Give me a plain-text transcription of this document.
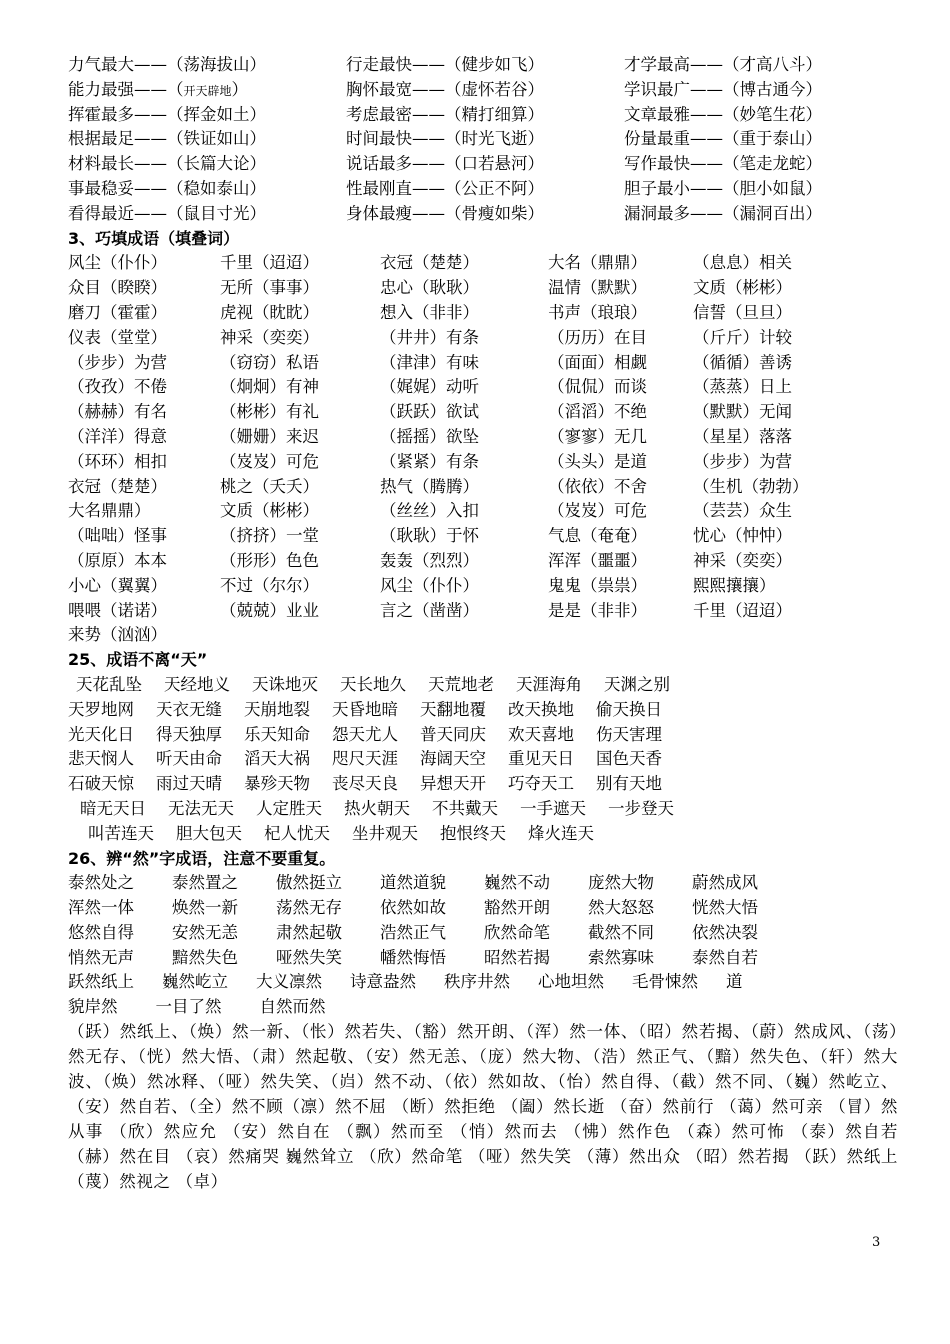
力气最大——（荡海拔山）	行走最快——（健步如飞）	才学最高——（才高八斗）
能力最强——（开天辟地）	胸怀最宽——（虚怀若谷）	学识最广——（博古通今）
挥霍最多——（挥金如土）	考虑最密——（精打细算）	文章最雅——（妙笔生花）
根据最足——（铁证如山）	时间最快——（时光飞逝）	份量最重——（重于泰山）
材料最长——（长篇大论）	说话最多——（口若悬河）	写作最快——（笔走龙蛇）
事最稳妥——（稳如泰山）	性最刚直——（公正不阿）	胆子最小——（胆小如鼠）
看得最近——（鼠目寸光）	身体最瘦——（骨瘦如柴）	漏洞最多——（漏洞百出）
3、巧填成语（填叠词）
风尘（仆仆）	千里（迢迢）	衣冠（楚楚）	大名（鼎鼎）	（息息）相关
众目（睽睽）	无所（事事）	忠心（耿耿）	温情（默默）	文质（彬彬）
磨刀（霍霍）	虎视（眈眈）	想入（非非）	书声（琅琅）	信誓（旦旦）
仪表（堂堂）	神采（奕奕）	（井井）有条	（历历）在目	（斤斤）计较
（步步）为营	（窃窃）私语	（津津）有味	（面面）相觑	（循循）善诱
（孜孜）不倦	（炯炯）有神	（娓娓）动听	（侃侃）而谈	（蒸蒸）日上
（赫赫）有名	（彬彬）有礼	（跃跃）欲试	（滔滔）不绝	（默默）无闻
（洋洋）得意	（姗姗）来迟	（摇摇）欲坠	（寥寥）无几	（星星）落落
（环环）相扣	（岌岌）可危	（紧紧）有条	（头头）是道	（步步）为营
衣冠（楚楚）	桃之（夭夭）	热气（腾腾）	（依依）不舍	（生机（勃勃）
大名鼎鼎）	文质（彬彬）	（丝丝）入扣	（岌岌）可危	（芸芸）众生
（咄咄）怪事	（挤挤）一堂	（耿耿）于怀	气息（奄奄）	忧心（忡忡）
（原原）本本	（形形）色色	轰轰（烈烈）	浑浑（噩噩）	神采（奕奕）
小心（翼翼）	不过（尔尔）	风尘（仆仆）	鬼鬼（祟祟）	熙熙攘攘）
喂喂（诺诺）	（兢兢）业业	言之（凿凿）	是是（非非）	千里（迢迢）
来势（汹汹）
25、成语不离“天”
天花乱坠 天经地义 天诛地灭 天长地久 天荒地老 天涯海角 天渊之别
天罗地网 天衣无缝 天崩地裂 天昏地暗 天翻地覆 改天换地 偷天换日
光天化日 得天独厚 乐天知命 怨天尤人 普天同庆 欢天喜地 伤天害理
悲天悯人 听天由命 滔天大祸 咫尺天涯 海阔天空 重见天日 国色天香
石破天惊 雨过天晴 暴殄天物 丧尽天良 异想天开 巧夺天工 别有天地
暗无天日 无法无天 人定胜天 热火朝天 不共戴天 一手遮天 一步登天
叫苦连天 胆大包天 杞人忧天 坐井观天 抱恨终天 烽火连天
26、辨“然”字成语，注意不要重复。
泰然处之 泰然置之 傲然挺立 道然道貌 巍然不动 庞然大物 蔚然成风
浑然一体 焕然一新 荡然无存 依然如故 豁然开朗 然大怒怒 恍然大悟
悠然自得 安然无恙 肃然起敬 浩然正气 欣然命笔 截然不同 依然决裂
悄然无声 黯然失色 哑然失笑 幡然悔悟 昭然若揭 索然寡味 泰然自若
跃然纸上 巍然屹立 大义凛然 诗意盎然 秩序井然 心地坦然 毛骨悚然 道
貌岸然 一目了然 自然而然
（跃）然纸上、（焕）然一新、（怅）然若失、（豁）然开朗、（浑）然一体、（昭）然若揭、（蔚）然成风、（荡）然无存、（恍）然大悟、（肃）然起敬、（安）然无恙、（庞）然大物、（浩）然正气、（黯）然失色、（轩）然大波、（焕）然冰释、（哑）然失笑、（岿）然不动、（依）然如故、（怡）然自得、（截）然不同、（巍）然屹立、（安）然自若、（全）然不顾（凛）然不屈 （断）然拒绝 （阖）然长逝 （奋）然前行 （蔼）然可亲 （冒）然从事 （欣）然应允 （安）然自在 （飘）然而至 （悄）然而去 （怫）然作色 （森）然可怖 （泰）然自若 （赫）然在目 （哀）然痛哭 巍然耸立 （欣）然命笔 （哑）然失笑 （薄）然出众 （昭）然若揭 （跃）然纸上 （蔑）然视之 （卓）
3
